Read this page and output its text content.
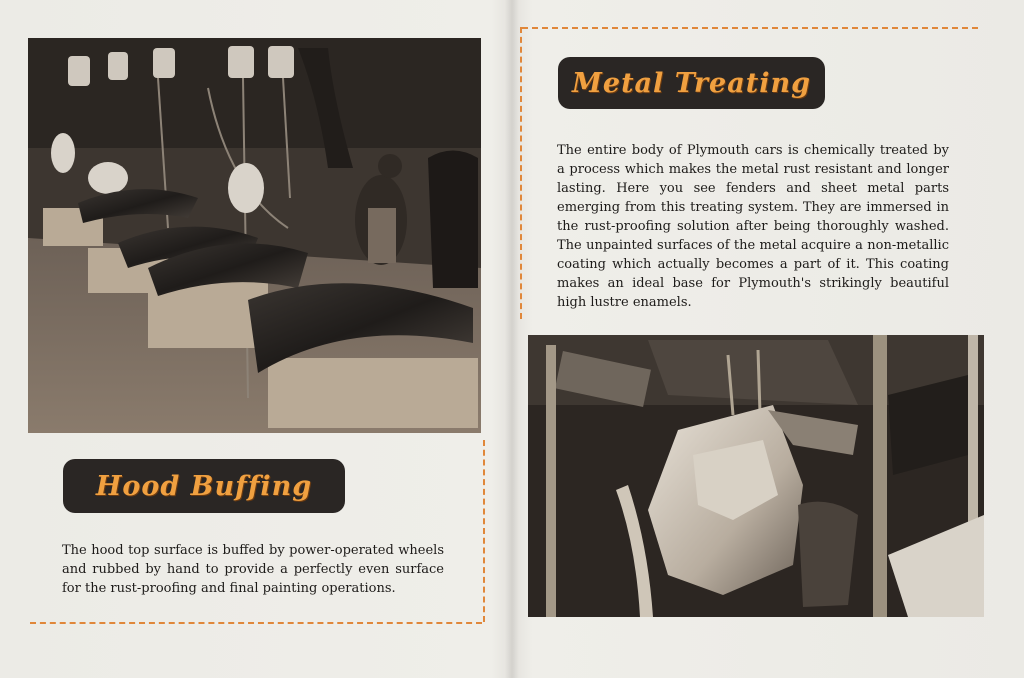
Hood Buffing

The hood top surface is buffed by power-operated wheels and rubbed by hand to provide a perfectly even surface for the rust-proofing and final painting operations.

Metal Treating

The entire body of Plymouth cars is chemically treated by a process which makes the metal rust resistant and longer lasting. Here you see fenders and sheet metal parts emerging from this treating system. They are immersed in the rust-proofing solution after being thoroughly washed. The unpainted surfaces of the metal acquire a non-metallic coating which actually becomes a part of it. This coating makes an ideal base for Plymouth's strikingly beautiful high lustre enamels.
